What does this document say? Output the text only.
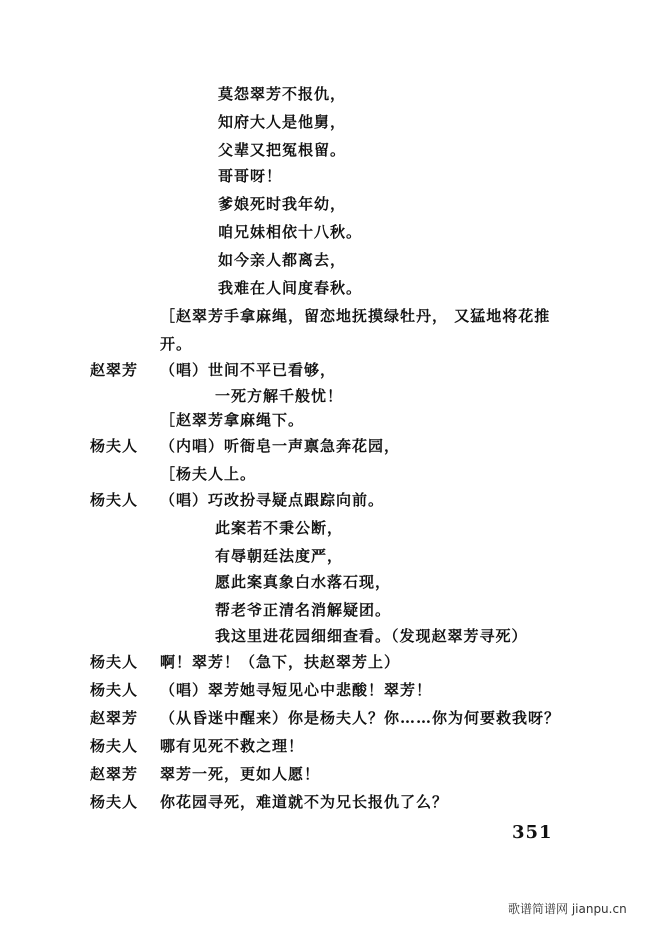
莫怨翠芳不报仇，
知府大人是他舅，
父辈又把冤根留。
哥哥呀！
爹娘死时我年幼，
咱兄妹相依十八秋。
如今亲人都离去，
我难在人间度春秋。
［赵翠芳手拿麻绳，留恋地抚摸绿牡丹， 又猛地将花推
开。
赵翠芳 （唱）世间不平已看够，
一死方解千般忧！
［赵翠芳拿麻绳下。
杨夫人 （内唱）听衙皂一声禀急奔花园，
［杨夫人上。
杨夫人 （唱）巧改扮寻疑点跟踪向前。
此案若不秉公断，
有辱朝廷法度严，
愿此案真象白水落石现，
帮老爷正清名消解疑团。
我这里进花园细细查看。（发现赵翠芳寻死）
杨夫人 啊！翠芳！（急下，扶赵翠芳上）
杨夫人 （唱）翠芳她寻短见心中悲酸！翠芳！
赵翠芳 （从昏迷中醒来）你是杨夫人？你……你为何要救我呀？
杨夫人 哪有见死不救之理！
赵翠芳 翠芳一死，更如人愿！
杨夫人 你花园寻死，难道就不为兄长报仇了么？
351
歌谱简谱网 jianpu.cn
